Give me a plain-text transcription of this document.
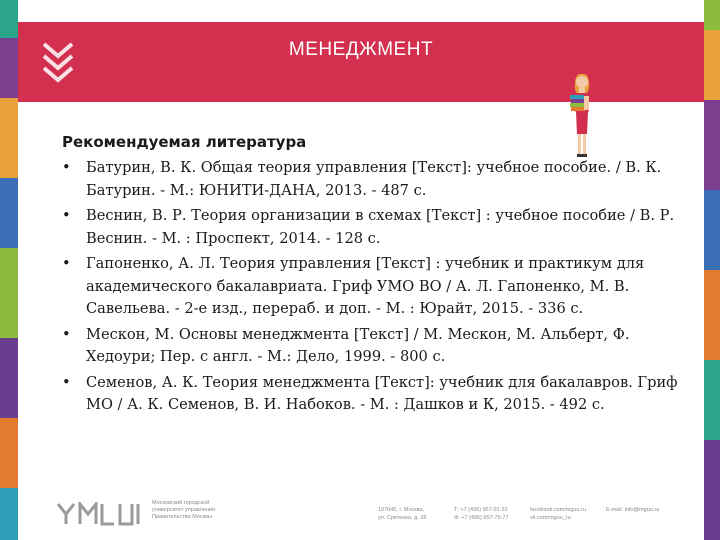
МЕНЕДЖМЕНТ
Рекомендуемая литература
• Батурин, В. К. Общая теория управления [Текст]: учебное пособие. / В. К. Батурин. - М.: ЮНИТИ-ДАНА, 2013. - 487 с.
• Веснин, В. Р. Теория организации в схемах [Текст] : учебное пособие / В. Р. Веснин. - М. : Проспект, 2014. - 128 с.
• Гапоненко, А. Л. Теория управления [Текст] : учебник и практикум для академического бакалавриата. Гриф УМО ВО / А. Л. Гапоненко, М. В. Савельева. - 2-е изд., перераб. и доп. - М. : Юрайт, 2015. - 336 с.
• Мескон, М. Основы менеджмента [Текст] / М. Мескон, М. Альберт, Ф. Хедоури; Пер. с англ. - М.: Дело, 1999. - 800 с.
• Семенов, А. К. Теория менеджмента [Текст]: учебник для бакалавров. Гриф МО / А. К. Семенов, В. И. Набоков. - М. : Дашков и К, 2015. - 492 с.
Московский городской
университет управления
Правительства Москвы
107045, г. Москва,
ул. Сретенка, д. 28
Т: +7 (495) 957-91-32
Ф: +7 (495) 957-75-77
facebook.com/mguu.ru
vk.com/mguu_ru
E-mail: info@mguu.ru
